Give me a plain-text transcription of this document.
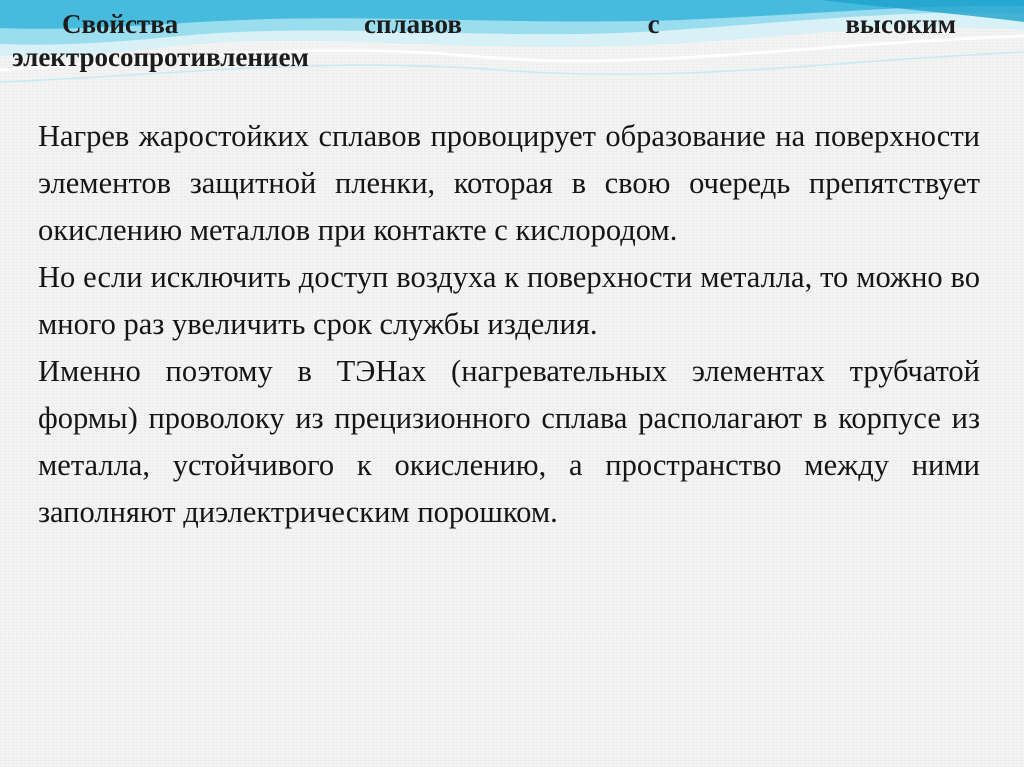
Свойства сплавов с высоким
электросопротивлением

Нагрев жаростойких сплавов провоцирует образование на поверхности элементов защитной пленки, которая в свою очередь препятствует окислению металлов при контакте с кислородом.

Но если исключить доступ воздуха к поверхности металла, то можно во много раз увеличить срок службы изделия.

Именно поэтому в ТЭНах (нагревательных элементах трубчатой формы) проволоку из прецизионного сплава располагают в корпусе из металла, устойчивого к окислению, а пространство между ними заполняют диэлектрическим порошком.
